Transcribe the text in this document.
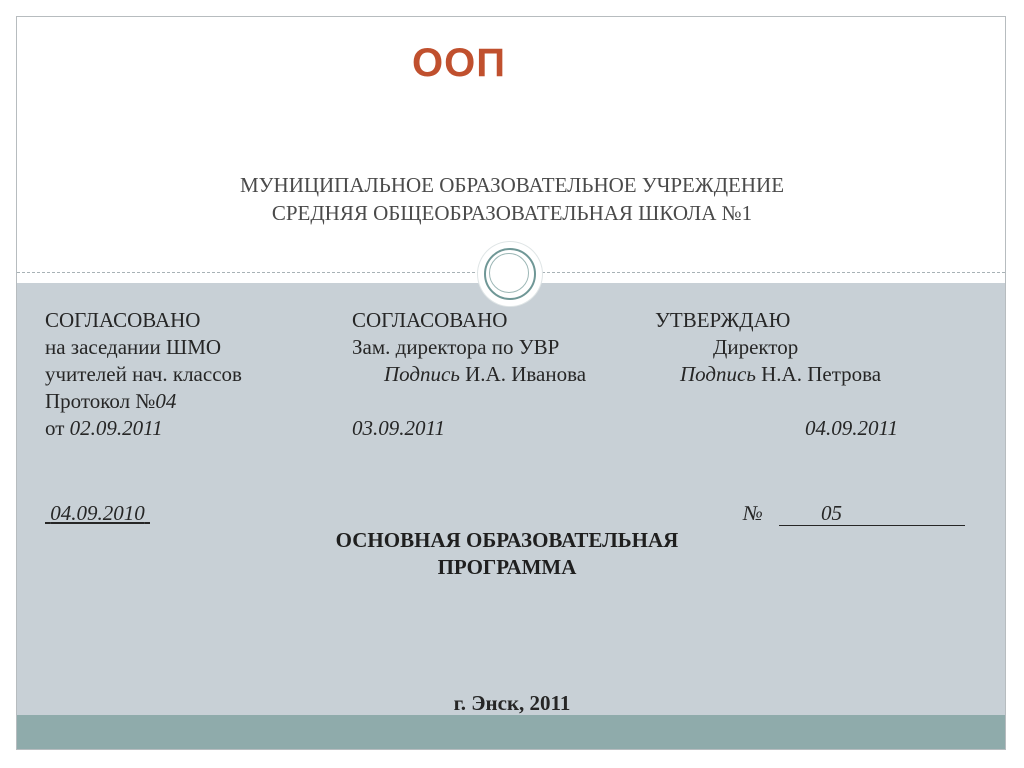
ООП
МУНИЦИПАЛЬНОЕ ОБРАЗОВАТЕЛЬНОЕ УЧРЕЖДЕНИЕ
СРЕДНЯЯ ОБЩЕОБРАЗОВАТЕЛЬНАЯ ШКОЛА №1
СОГЛАСОВАНО
на заседании ШМО
учителей нач. классов
Протокол №04
от 02.09.2011
СОГЛАСОВАНО
Зам. директора по УВР
Подпись И.А. Иванова

03.09.2011
УТВЕРЖДАЮ
Директор
Подпись Н.А. Петрова

04.09.2011
04.09.2010	№	05
ОСНОВНАЯ ОБРАЗОВАТЕЛЬНАЯ
ПРОГРАММА
г. Энск, 2011
